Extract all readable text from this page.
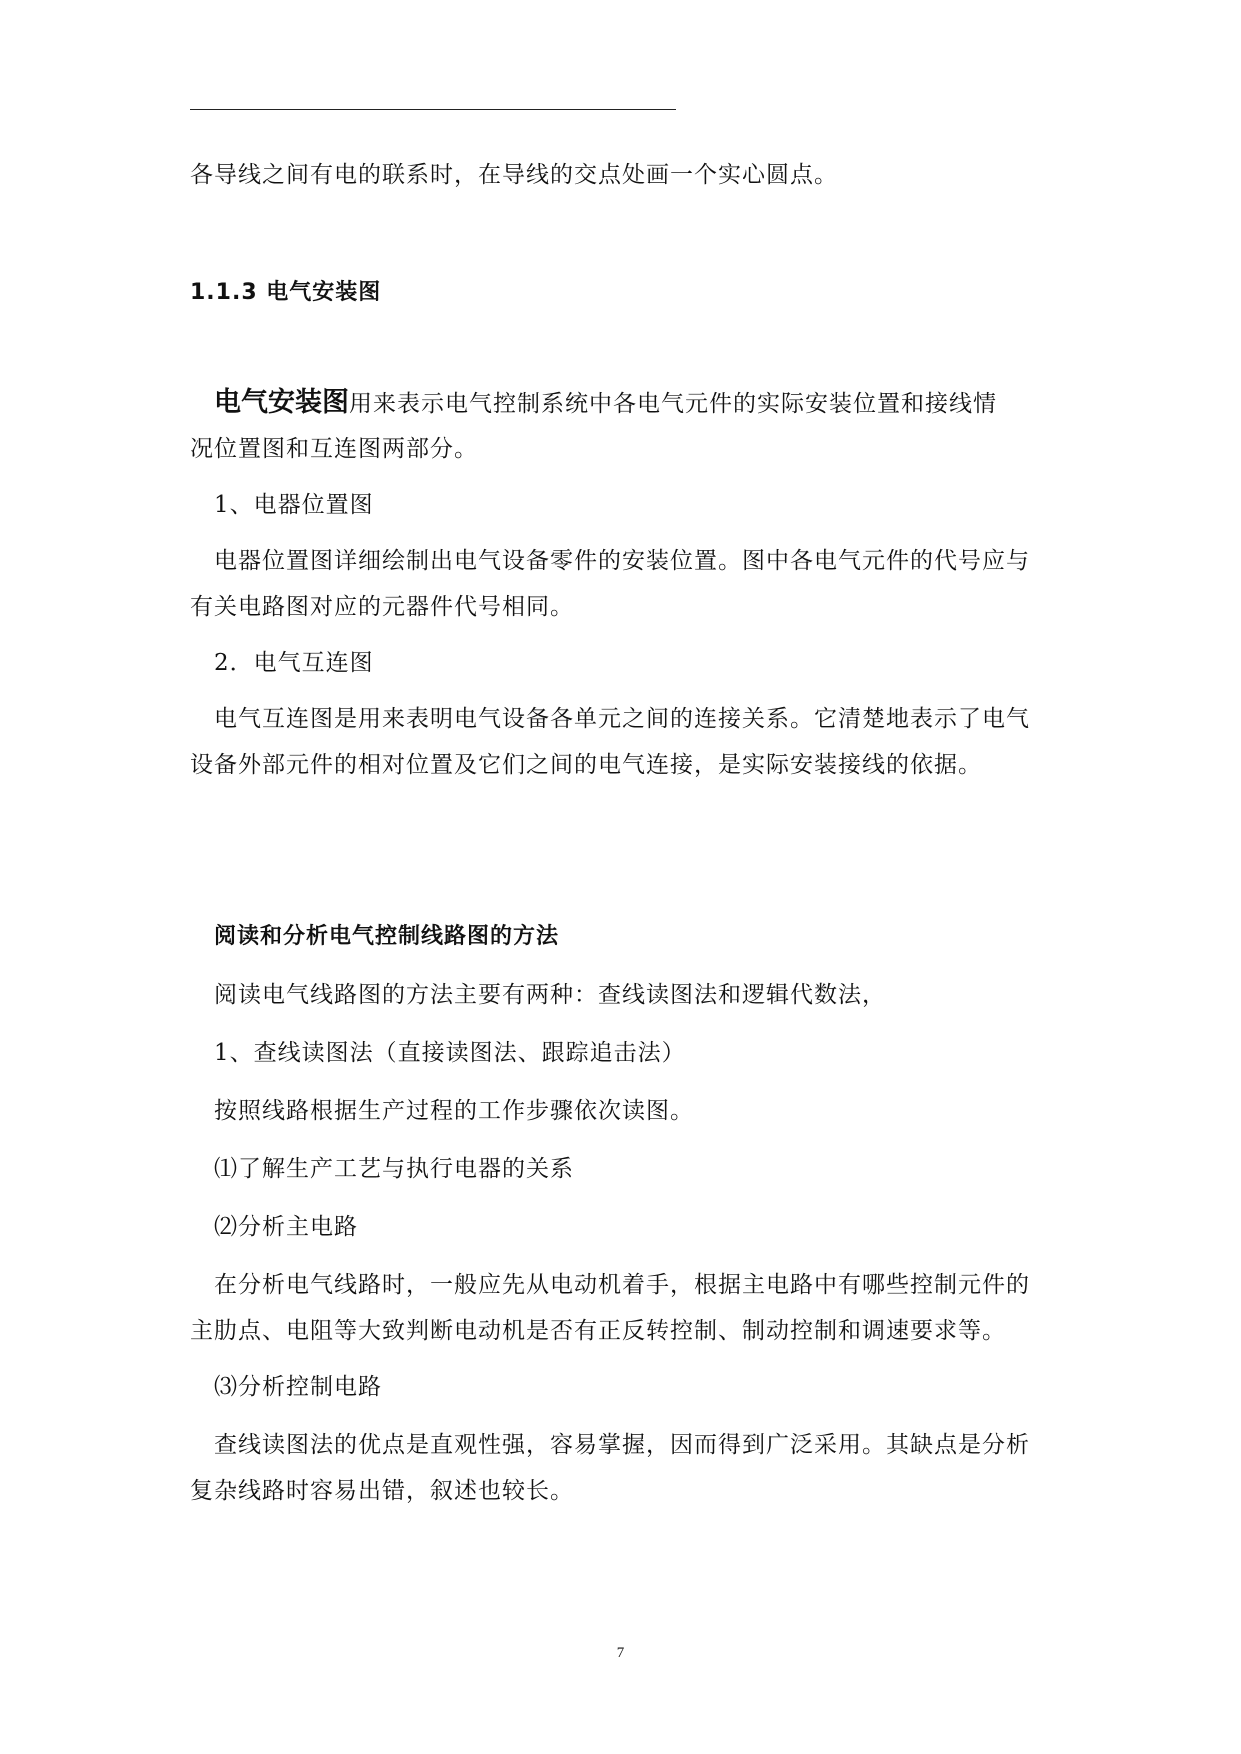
各导线之间有电的联系时，在导线的交点处画一个实心圆点。
1.1.3 电气安装图
电气安装图用来表示电气控制系统中各电气元件的实际安装位置和接线情
况位置图和互连图两部分。
1、电器位置图
电器位置图详细绘制出电气设备零件的安装位置。图中各电气元件的代号应与
有关电路图对应的元器件代号相同。
2．电气互连图
电气互连图是用来表明电气设备各单元之间的连接关系。它清楚地表示了电气
设备外部元件的相对位置及它们之间的电气连接，是实际安装接线的依据。
阅读和分析电气控制线路图的方法
阅读电气线路图的方法主要有两种：查线读图法和逻辑代数法，
1、查线读图法（直接读图法、跟踪追击法）
按照线路根据生产过程的工作步骤依次读图。
⑴了解生产工艺与执行电器的关系
⑵分析主电路
在分析电气线路时，一般应先从电动机着手，根据主电路中有哪些控制元件的
主肋点、电阻等大致判断电动机是否有正反转控制、制动控制和调速要求等。
⑶分析控制电路
查线读图法的优点是直观性强，容易掌握，因而得到广泛采用。其缺点是分析
复杂线路时容易出错，叙述也较长。
7
